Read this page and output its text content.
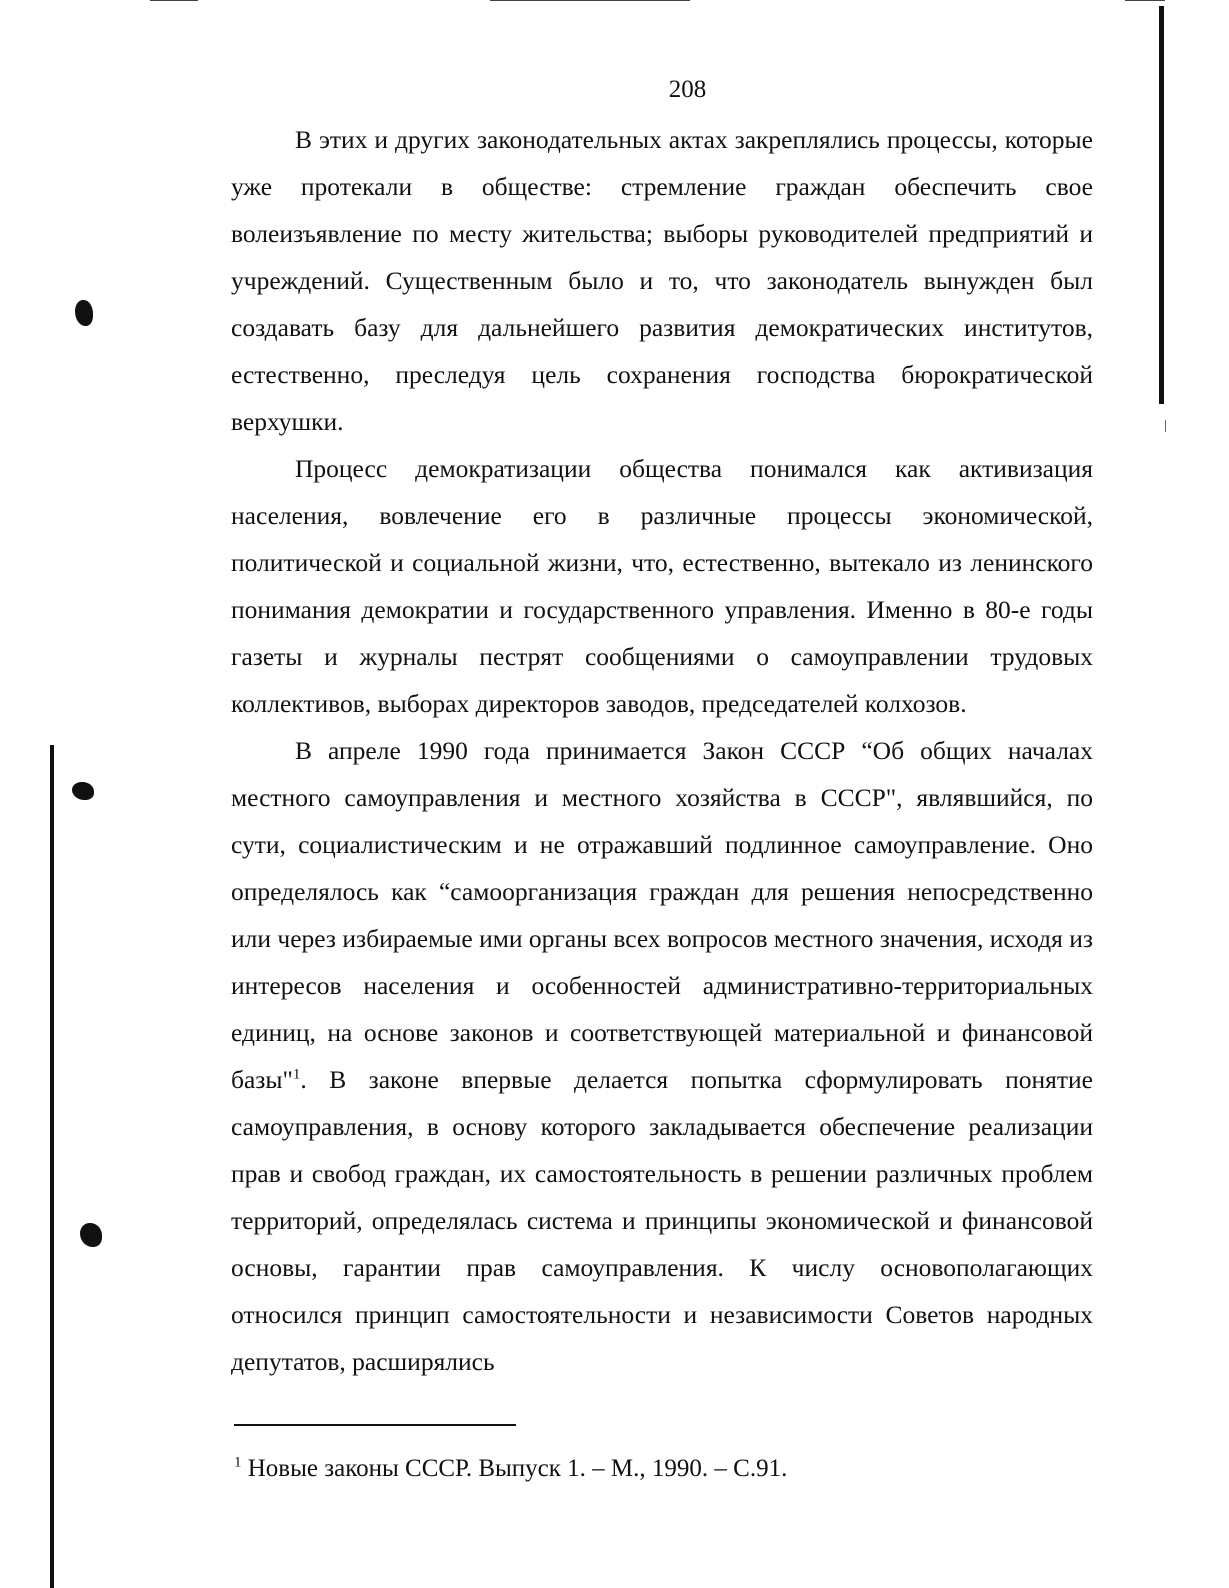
208

В этих и других законодательных актах закреплялись процессы, которые уже протекали в обществе: стремление граждан обеспечить свое волеизъявление по месту жительства; выборы руководителей предприятий и учреждений. Существенным было и то, что законодатель вынужден был создавать базу для дальнейшего развития демократических институтов, естественно, преследуя цель сохранения господства бюрократической верхушки.

Процесс демократизации общества понимался как активизация населения, вовлечение его в различные процессы экономической, политической и социальной жизни, что, естественно, вытекало из ленинского понимания демократии и государственного управления. Именно в 80-е годы газеты и журналы пестрят сообщениями о самоуправлении трудовых коллективов, выборах директоров заводов, председателей колхозов.

В апреле 1990 года принимается Закон СССР “Об общих началах местного самоуправления и местного хозяйства в СССР", являвшийся, по сути, социалистическим и не отражавший подлинное самоуправление. Оно определялось как “самоорганизация граждан для решения непосредственно или через избираемые ими органы всех вопросов местного значения, исходя из интересов населения и особенностей административно-территориальных единиц, на основе законов и соответствующей материальной и финансовой базы"$^1$. В законе впервые делается попытка сформулировать понятие самоуправления, в основу которого закладывается обеспечение реализации прав и свобод граждан, их самостоятельность в решении различных проблем территорий, определялась система и принципы экономической и финансовой основы, гарантии прав самоуправления. К числу основополагающих относился принцип самостоятельности и независимости Советов народных депутатов, расширялись

$^1$ Новые законы СССР. Выпуск 1. – М., 1990. – С.91.
